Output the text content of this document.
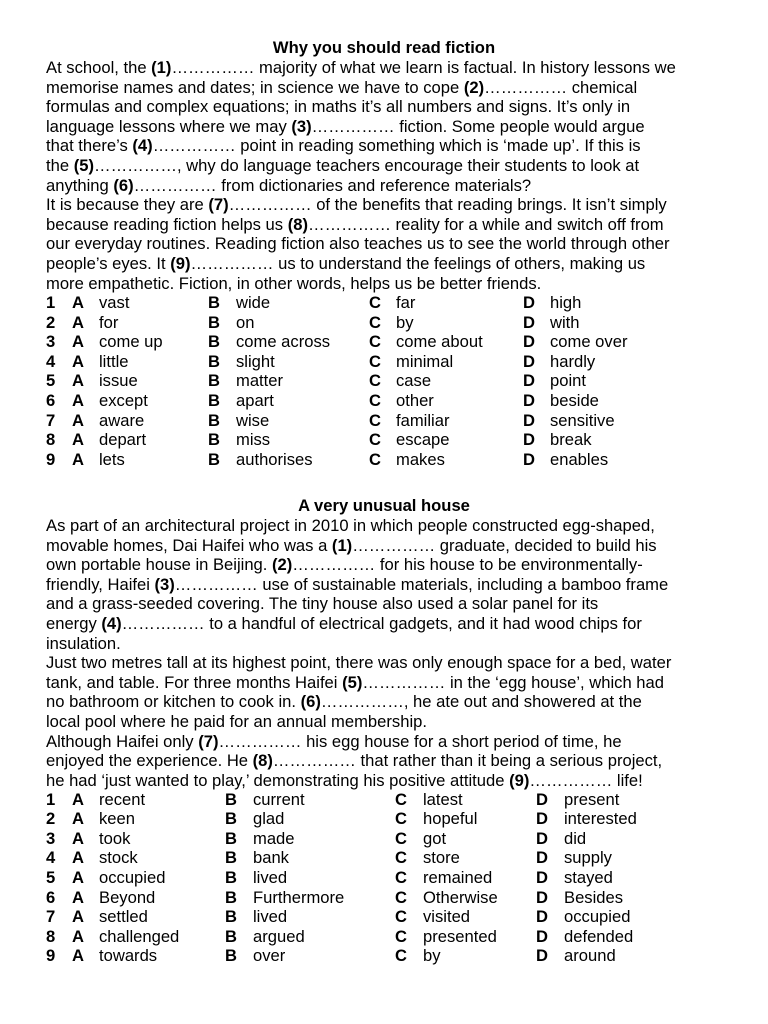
Why you should read fiction
At school, the (1)…………… majority of what we learn is factual. In history lessons we
memorise names and dates; in science we have to cope (2)…………… chemical
formulas and complex equations; in maths it’s all numbers and signs. It’s only in
language lessons where we may (3)…………… fiction. Some people would argue
that there’s (4)…………… point in reading something which is ‘made up’. If this is
the (5)……………, why do language teachers encourage their students to look at
anything (6)…………… from dictionaries and reference materials?
It is because they are (7)…………… of the benefits that reading brings. It isn’t simply
because reading fiction helps us (8)…………… reality for a while and switch off from
our everyday routines. Reading fiction also teaches us to see the world through other
people’s eyes. It (9)…………… us to understand the feelings of others, making us
more empathetic. Fiction, in other words, helps us be better friends.
1 A vast	B wide	C far	D high
2 A for	B on	C by	D with
3 A come up	B come across C come about D come over
4 A little	B slight	C minimal	D hardly
5 A issue	B matter	C case	D point
6 A except	B apart	C other	D beside
7 A aware	B wise	C familiar	D sensitive
8 A depart	B miss	C escape	D break
9 A lets	B authorises	C makes	D enables
A very unusual house
As part of an architectural project in 2010 in which people constructed egg-shaped,
movable homes, Dai Haifei who was a (1)…………… graduate, decided to build his
own portable house in Beijing. (2)…………… for his house to be environmentally-
friendly, Haifei (3)…………… use of sustainable materials, including a bamboo frame
and a grass-seeded covering. The tiny house also used a solar panel for its
energy (4)…………… to a handful of electrical gadgets, and it had wood chips for
insulation.
Just two metres tall at its highest point, there was only enough space for a bed, water
tank, and table. For three months Haifei (5)…………… in the ‘egg house’, which had
no bathroom or kitchen to cook in. (6)……………, he ate out and showered at the
local pool where he paid for an annual membership.
Although Haifei only (7)…………… his egg house for a short period of time, he
enjoyed the experience. He (8)…………… that rather than it being a serious project,
he had ‘just wanted to play,’ demonstrating his positive attitude (9)…………… life!
1 A recent	B current	C latest	D present
2 A keen	B glad	C hopeful	D interested
3 A took	B made	C got	D did
4 A stock	B bank	C store	D supply
5 A occupied	B lived	C remained	D stayed
6 A Beyond	B Furthermore	C Otherwise D Besides
7 A settled	B lived	C visited	D occupied
8 A challenged	B argued	C presented D defended
9 A towards	B over	C by	D around
